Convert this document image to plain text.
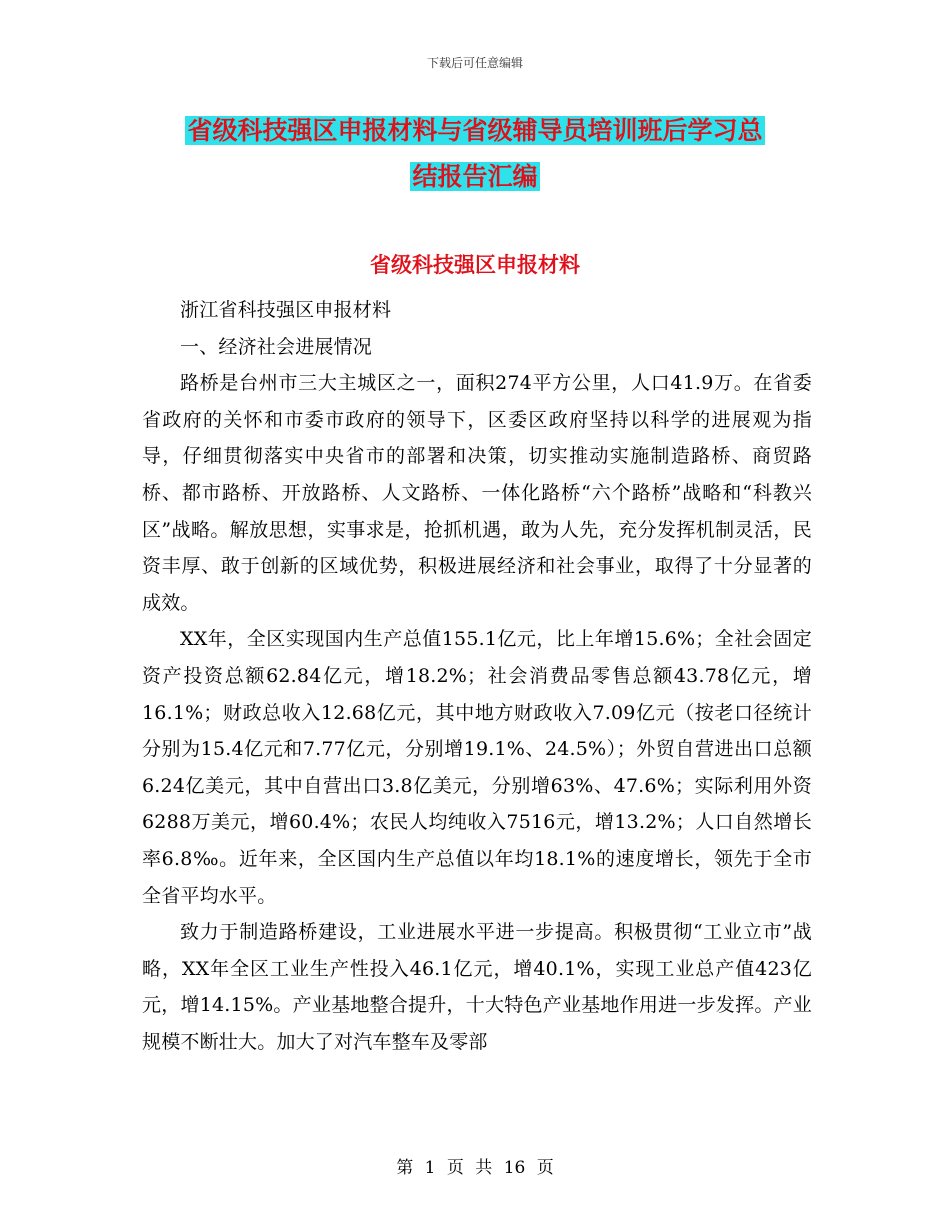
下载后可任意编辑
省级科技强区申报材料与省级辅导员培训班后学习总
结报告汇编
省级科技强区申报材料

浙江省科技强区申报材料

一、经济社会进展情况

路桥是台州市三大主城区之一，面积274平方公里，人口41.9万。在省委省政府的关怀和市委市政府的领导下，区委区政府坚持以科学的进展观为指导，仔细贯彻落实中央省市的部署和决策，切实推动实施制造路桥、商贸路桥、都市路桥、开放路桥、人文路桥、一体化路桥“六个路桥”战略和“科教兴区”战略。解放思想，实事求是，抢抓机遇，敢为人先，充分发挥机制灵活，民资丰厚、敢于创新的区域优势，积极进展经济和社会事业，取得了十分显著的成效。

XX年，全区实现国内生产总值155.1亿元，比上年增15.6%；全社会固定资产投资总额62.84亿元，增18.2%；社会消费品零售总额43.78亿元，增16.1%；财政总收入12.68亿元，其中地方财政收入7.09亿元（按老口径统计分别为15.4亿元和7.77亿元，分别增19.1%、24.5%）；外贸自营进出口总额6.24亿美元，其中自营出口3.8亿美元，分别增63%、47.6%；实际利用外资6288万美元，增60.4%；农民人均纯收入7516元，增13.2%；人口自然增长率6.8‰。近年来，全区国内生产总值以年均18.1%的速度增长，领先于全市全省平均水平。

致力于制造路桥建设，工业进展水平进一步提高。积极贯彻“工业立市”战略，XX年全区工业生产性投入46.1亿元，增40.1%，实现工业总产值423亿元，增14.15%。产业基地整合提升，十大特色产业基地作用进一步发挥。产业规模不断壮大。加大了对汽车整车及零部

第 1 页 共 16 页
